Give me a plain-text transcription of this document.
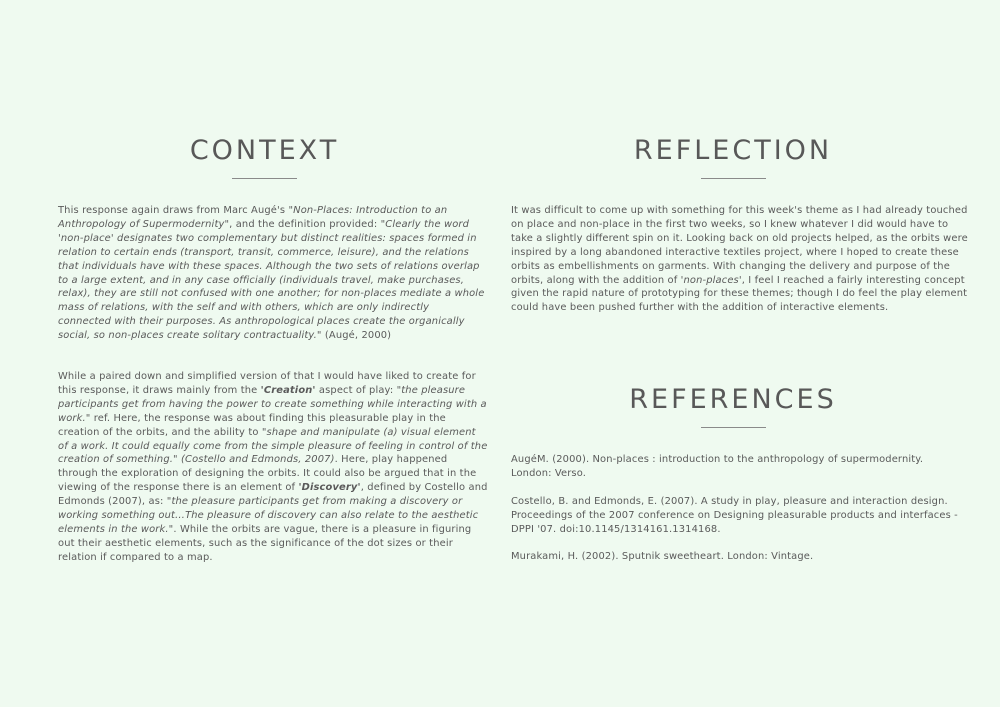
CONTEXT

This response again draws from Marc Augé's "Non-Places: Introduction to an Anthropology of Supermodernity", and the definition provided: "Clearly the word 'non-place' designates two complementary but distinct realities: spaces formed in relation to certain ends (transport, transit, commerce, leisure), and the relations that individuals have with these spaces. Although the two sets of relations overlap to a large extent, and in any case officially (individuals travel, make purchases, relax), they are still not confused with one another; for non-places mediate a whole mass of relations, with the self and with others, which are only indirectly connected with their purposes. As anthropological places create the organically social, so non-places create solitary contractuality." (Augé, 2000)

While a paired down and simplified version of that I would have liked to create for this response, it draws mainly from the 'Creation' aspect of play: "the pleasure participants get from having the power to create something while interacting with a work." ref. Here, the response was about finding this pleasurable play in the creation of the orbits, and the ability to "shape and manipulate (a) visual element of a work. It could equally come from the simple pleasure of feeling in control of the creation of something." (Costello and Edmonds, 2007). Here, play happened through the exploration of designing the orbits. It could also be argued that in the viewing of the response there is an element of 'Discovery', defined by Costello and Edmonds (2007), as: "the pleasure participants get from making a discovery or working something out…The pleasure of discovery can also relate to the aesthetic elements in the work.". While the orbits are vague, there is a pleasure in figuring out their aesthetic elements, such as the significance of the dot sizes or their relation if compared to a map.

REFLECTION

It was difficult to come up with something for this week's theme as I had already touched on place and non-place in the first two weeks, so I knew whatever I did would have to take a slightly different spin on it. Looking back on old projects helped, as the orbits were inspired by a long abandoned interactive textiles project, where I hoped to create these orbits as embellishments on garments. With changing the delivery and purpose of the orbits, along with the addition of 'non-places', I feel I reached a fairly interesting concept given the rapid nature of prototyping for these themes; though I do feel the play element could have been pushed further with the addition of interactive elements.

REFERENCES

AugéM. (2000). Non-places : introduction to the anthropology of supermodernity. London: Verso.

Costello, B. and Edmonds, E. (2007). A study in play, pleasure and interaction design. Proceedings of the 2007 conference on Designing pleasurable products and interfaces - DPPI '07. doi:10.1145/1314161.1314168.

Murakami, H. (2002). Sputnik sweetheart. London: Vintage.
